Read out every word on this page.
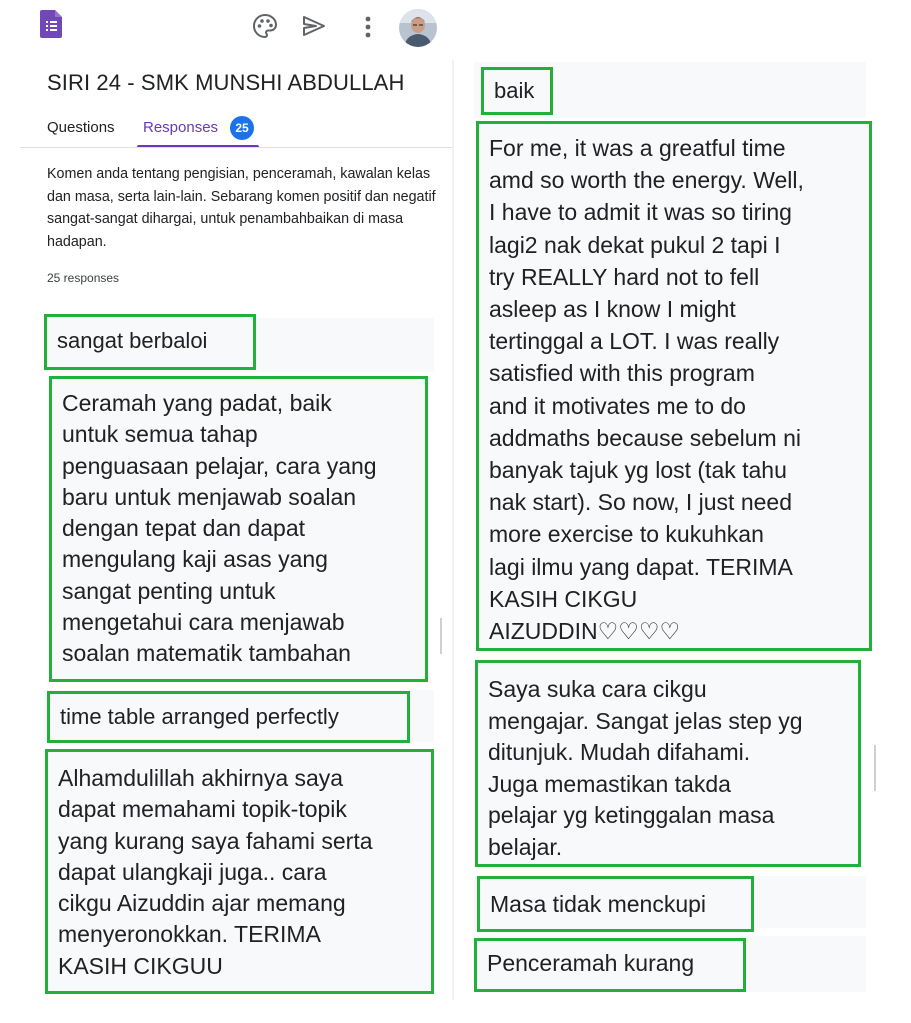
SIRI 24 - SMK MUNSHI ABDULLAH
Questions Responses	25
Komen anda tentang pengisian, penceramah, kawalan kelas dan masa, serta lain-lain. Sebarang komen positif dan negatif sangat-sangat dihargai, untuk penambahbaikan di masa hadapan.
25 responses
sangat berbaloi
Ceramah yang padat, baik
untuk semua tahap
penguasaan pelajar, cara yang
baru untuk menjawab soalan
dengan tepat dan dapat
mengulang kaji asas yang
sangat penting untuk
mengetahui cara menjawab
soalan matematik tambahan
time table arranged perfectly
Alhamdulillah akhirnya saya
dapat memahami topik-topik
yang kurang saya fahami serta
dapat ulangkaji juga.. cara
cikgu Aizuddin ajar memang
menyeronokkan. TERIMA
KASIH CIKGUU
baik
For me, it was a greatful time
amd so worth the energy. Well,
I have to admit it was so tiring
lagi2 nak dekat pukul 2 tapi I
try REALLY hard not to fell
asleep as I know I might
tertinggal a LOT. I was really
satisfied with this program
and it motivates me to do
addmaths because sebelum ni
banyak tajuk yg lost (tak tahu
nak start). So now, I just need
more exercise to kukuhkan
lagi ilmu yang dapat. TERIMA
KASIH CIKGU
AIZUDDIN♡♡♡♡
Saya suka cara cikgu
mengajar. Sangat jelas step yg
ditunjuk. Mudah difahami.
Juga memastikan takda
pelajar yg ketinggalan masa
belajar.
Masa tidak menckupi
Penceramah kurang
